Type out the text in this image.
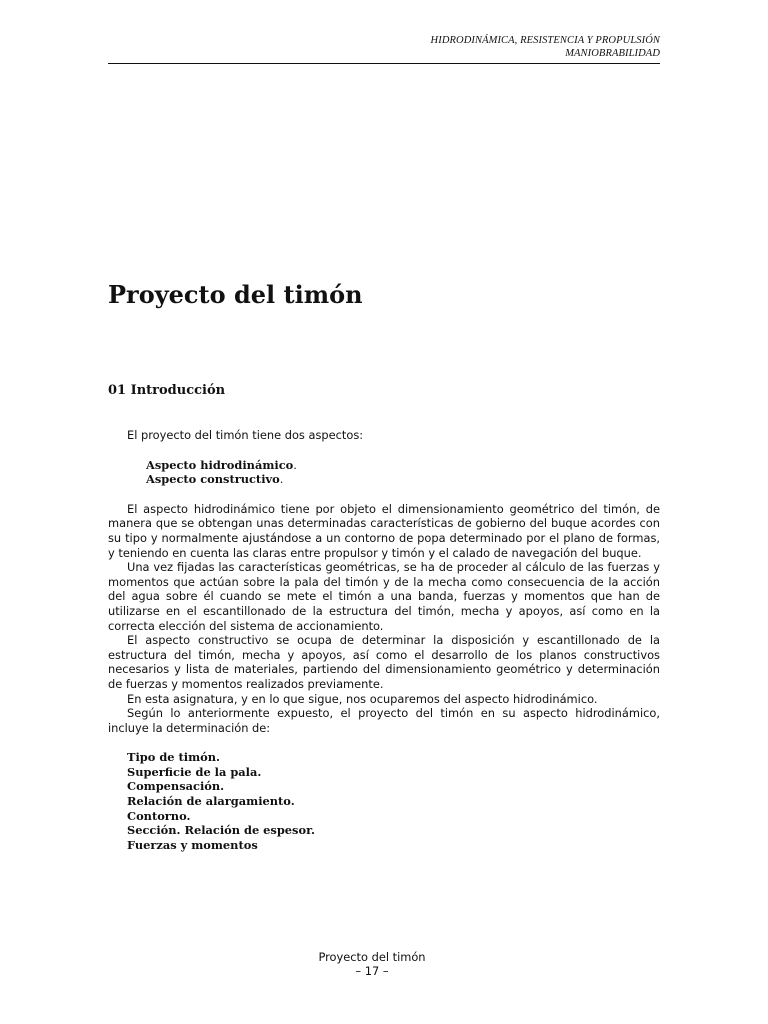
HIDRODINÁMICA, RESISTENCIA Y PROPULSIÓN
MANIOBRABILIDAD
Proyecto del timón
01 Introducción

El proyecto del timón tiene dos aspectos:

Aspecto hidrodinámico.
Aspecto constructivo.

El aspecto hidrodinámico tiene por objeto el dimensionamiento geométrico del timón, de manera que se obtengan unas determinadas características de gobierno del buque acordes con su tipo y normalmente ajustándose a un contorno de popa determinado por el plano de formas, y teniendo en cuenta las claras entre propulsor y timón y el calado de navegación del buque.

Una vez fijadas las características geométricas, se ha de proceder al cálculo de las fuerzas y momentos que actúan sobre la pala del timón y de la mecha como consecuencia de la acción del agua sobre él cuando se mete el timón a una banda, fuerzas y momentos que han de utilizarse en el escantillonado de la estructura del timón, mecha y apoyos, así como en la correcta elección del sistema de accionamiento.

El aspecto constructivo se ocupa de determinar la disposición y escantillonado de la estructura del timón, mecha y apoyos, así como el desarrollo de los planos constructivos necesarios y lista de materiales, partiendo del dimensionamiento geométrico y determinación de fuerzas y momentos realizados previamente.

En esta asignatura, y en lo que sigue, nos ocuparemos del aspecto hidrodinámico.

Según lo anteriormente expuesto, el proyecto del timón en su aspecto hidrodinámico, incluye la determinación de:

Tipo de timón.
Superficie de la pala.
Compensación.
Relación de alargamiento.
Contorno.
Sección. Relación de espesor.
Fuerzas y momentos
Proyecto del timón
– 17 –
